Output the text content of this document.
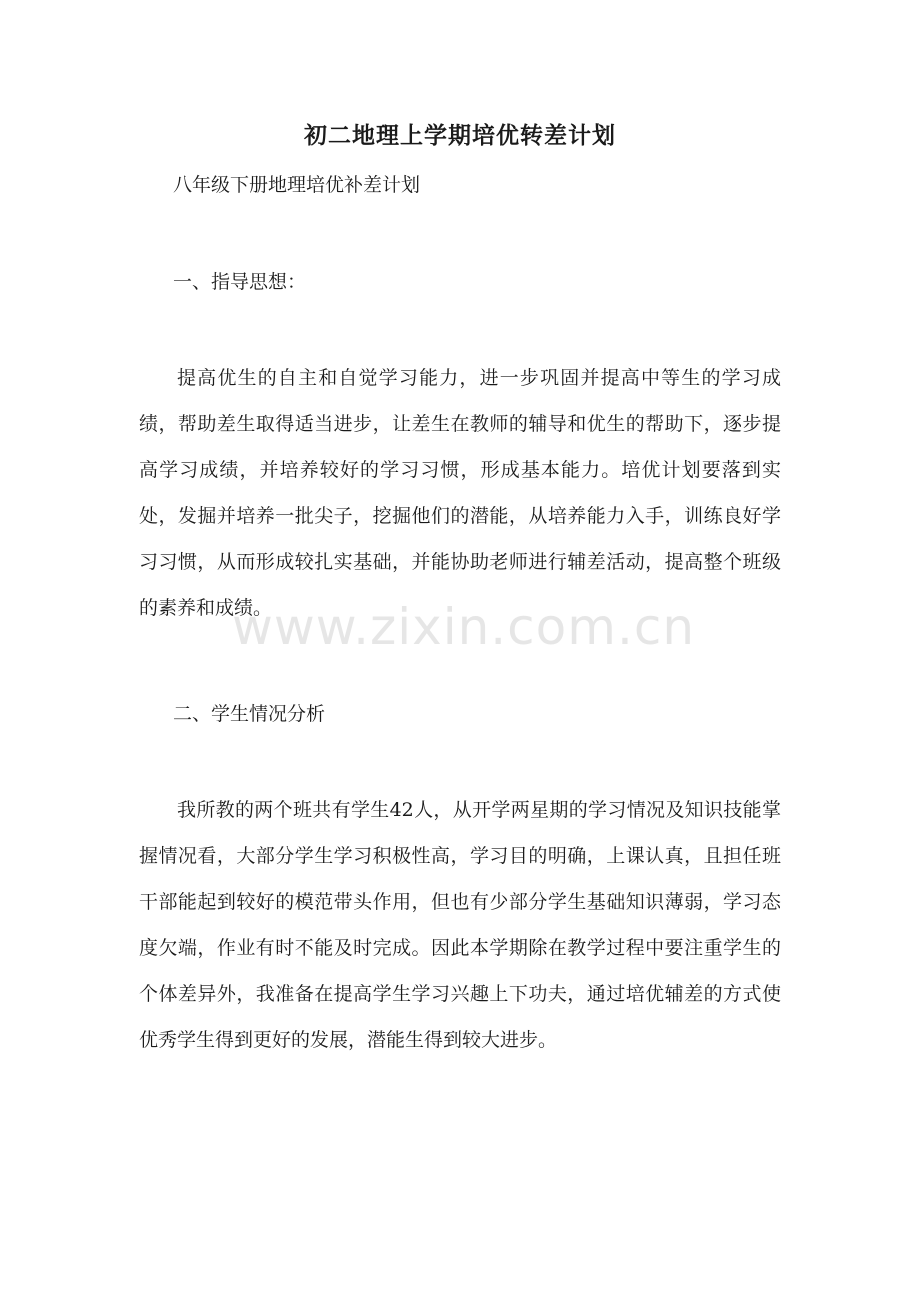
初二地理上学期培优转差计划
八年级下册地理培优补差计划
一、指导思想：

提高优生的自主和自觉学习能力，进一步巩固并提高中等生的学习成绩，帮助差生取得适当进步，让差生在教师的辅导和优生的帮助下，逐步提高学习成绩，并培养较好的学习习惯，形成基本能力。培优计划要落到实处，发掘并培养一批尖子，挖掘他们的潜能，从培养能力入手，训练良好学习习惯，从而形成较扎实基础，并能协助老师进行辅差活动，提高整个班级的素养和成绩。

二、学生情况分析

我所教的两个班共有学生42人，从开学两星期的学习情况及知识技能掌握情况看，大部分学生学习积极性高，学习目的明确，上课认真，且担任班干部能起到较好的模范带头作用，但也有少部分学生基础知识薄弱，学习态度欠端，作业有时不能及时完成。因此本学期除在教学过程中要注重学生的个体差异外，我准备在提高学生学习兴趣上下功夫，通过培优辅差的方式使优秀学生得到更好的发展，潜能生得到较大进步。

www.zixin.com.cn
